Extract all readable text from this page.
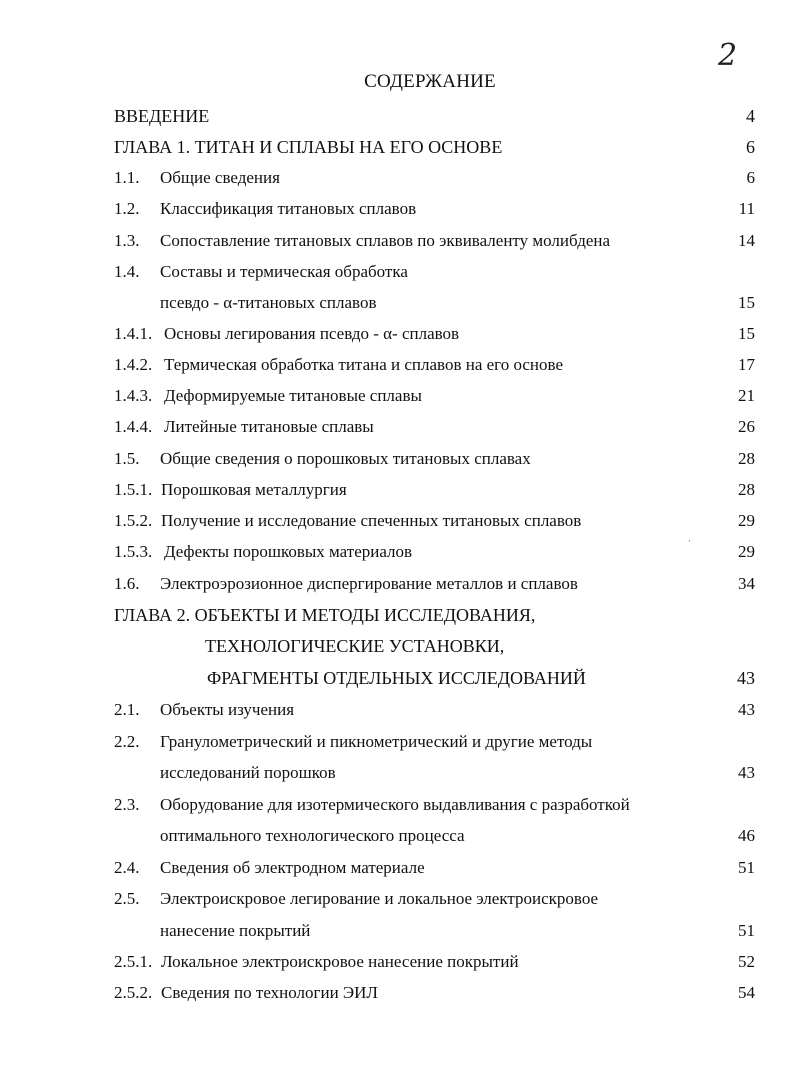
2
СОДЕРЖАНИЕ
·
ВВЕДЕНИЕ	4
ГЛАВА 1. ТИТАН И СПЛАВЫ НА ЕГО ОСНОВЕ	6
1.1. Общие сведения	6
1.2. Классификация титановых сплавов	11
1.3. Сопоставление титановых сплавов по эквиваленту молибдена	14
1.4. Составы и термическая обработка
псевдо - α-титановых сплавов	15
1.4.1. Основы легирования псевдо - α- сплавов	15
1.4.2. Термическая обработка титана и сплавов на его основе	17
1.4.3. Деформируемые титановые сплавы	21
1.4.4. Литейные титановые сплавы	26
1.5. Общие сведения о порошковых титановых сплавах	28
1.5.1. Порошковая металлургия	28
1.5.2. Получение и исследование спеченных титановых сплавов	29
1.5.3. Дефекты порошковых материалов	29
1.6. Электроэрозионное диспергирование металлов и сплавов	34
ГЛАВА 2. ОБЪЕКТЫ И МЕТОДЫ ИССЛЕДОВАНИЯ,
ТЕХНОЛОГИЧЕСКИЕ УСТАНОВКИ,
ФРАГМЕНТЫ ОТДЕЛЬНЫХ ИССЛЕДОВАНИЙ	43
2.1. Объекты изучения	43
2.2. Гранулометрический и пикнометрический и другие методы
исследований порошков	43
2.3. Оборудование для изотермического выдавливания с разработкой
оптимального технологического процесса	46
2.4. Сведения об электродном материале	51
2.5. Электроискровое легирование и локальное электроискровое
нанесение покрытий	51
2.5.1. Локальное электроискровое нанесение покрытий	52
2.5.2. Сведения по технологии ЭИЛ	54
